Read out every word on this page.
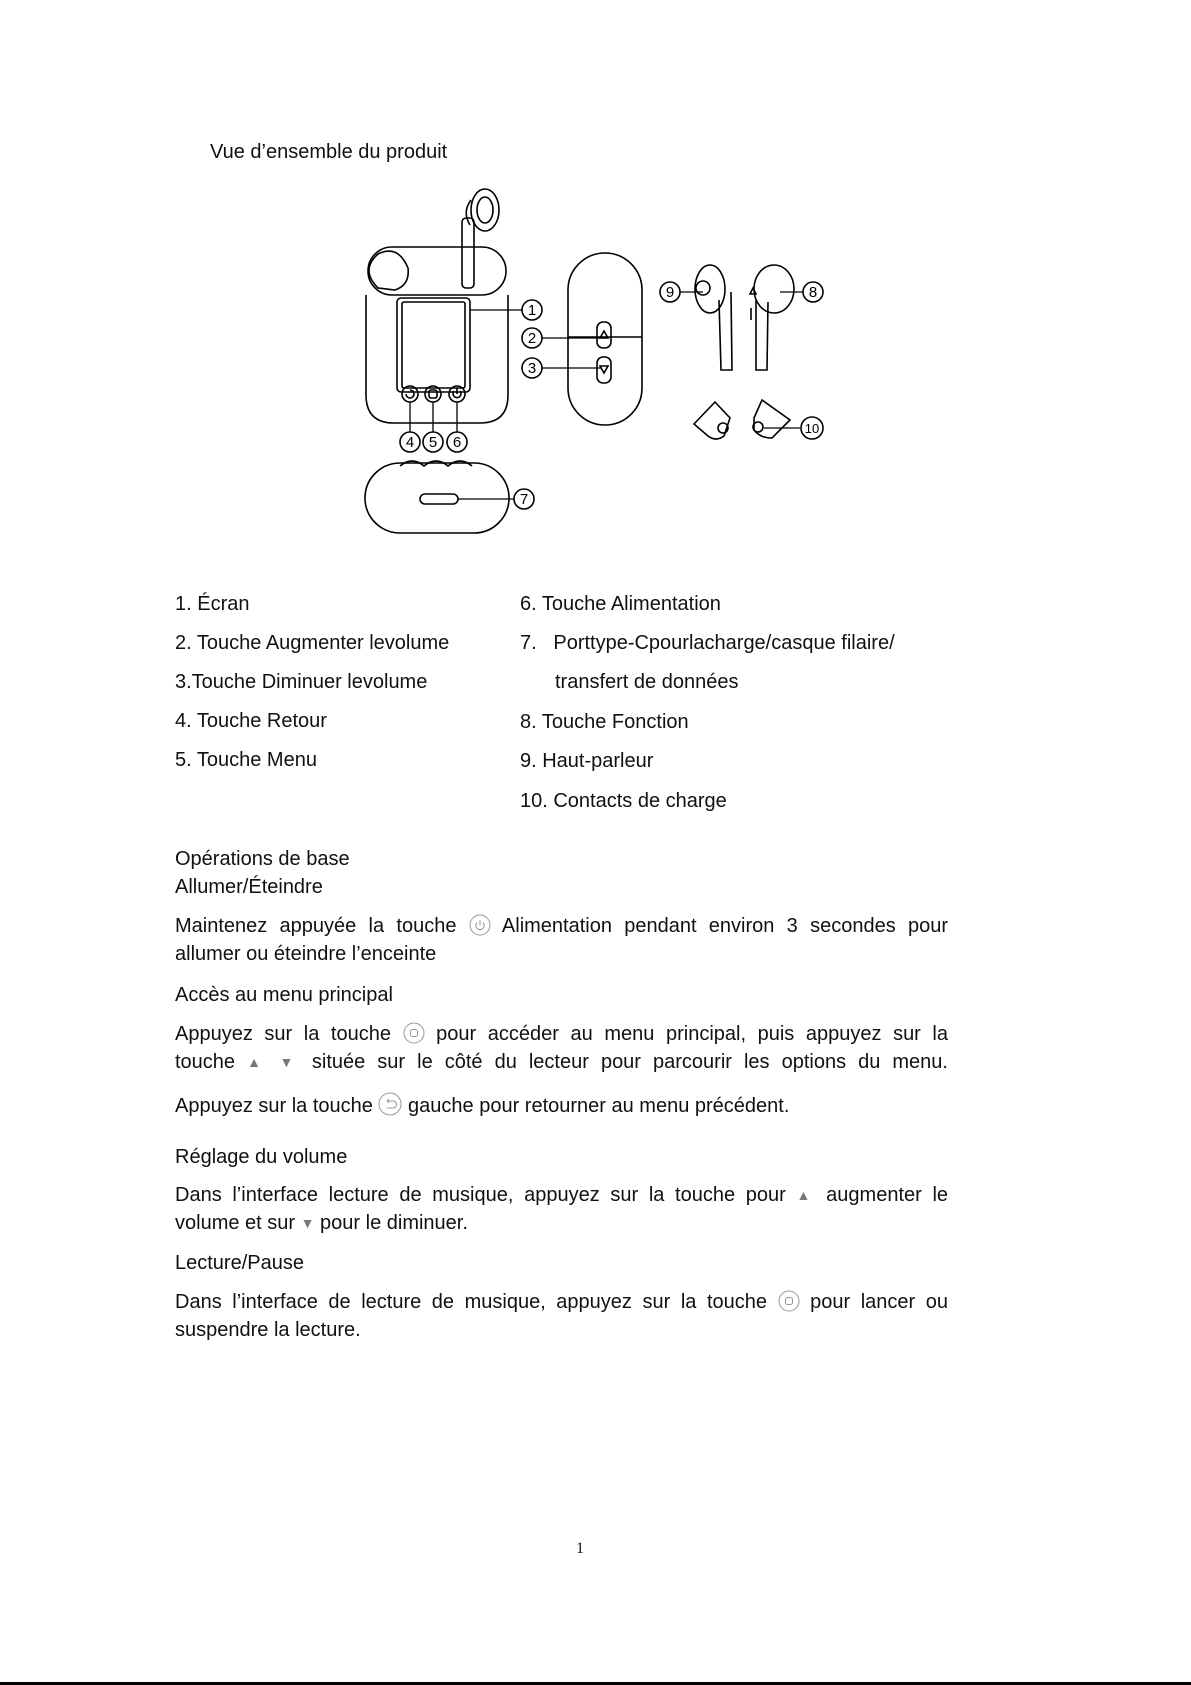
Vue d’ensemble du produit
1
2
3
4 5 6
7
8
9
10
1. Écran
2. Touche Augmenter levolume
3.Touche Diminuer levolume
4. Touche Retour
5. Touche Menu
6. Touche Alimentation
7.   Porttype-Cpourlacharge/casque filaire/
transfert de données
8. Touche Fonction
9. Haut-parleur
10. Contacts de charge
Opérations de base
Allumer/Éteindre
Maintenez appuyée la touche Alimentation pendant environ 3 secondes pour
allumer ou éteindre l’enceinte
Accès au menu principal
Appuyez sur la touche pour accéder au menu principal, puis appuyez sur la
touche ▲ ▼ située sur le côté du lecteur pour parcourir les options du menu.
Appuyez sur la touche gauche pour retourner au menu précédent.
Réglage du volume
Dans l’interface lecture de musique, appuyez sur la touche pour ▲ augmenter le
volume et sur ▼ pour le diminuer.
Lecture/Pause
Dans l’interface de lecture de musique, appuyez sur la touche pour lancer ou
suspendre la lecture.
1
